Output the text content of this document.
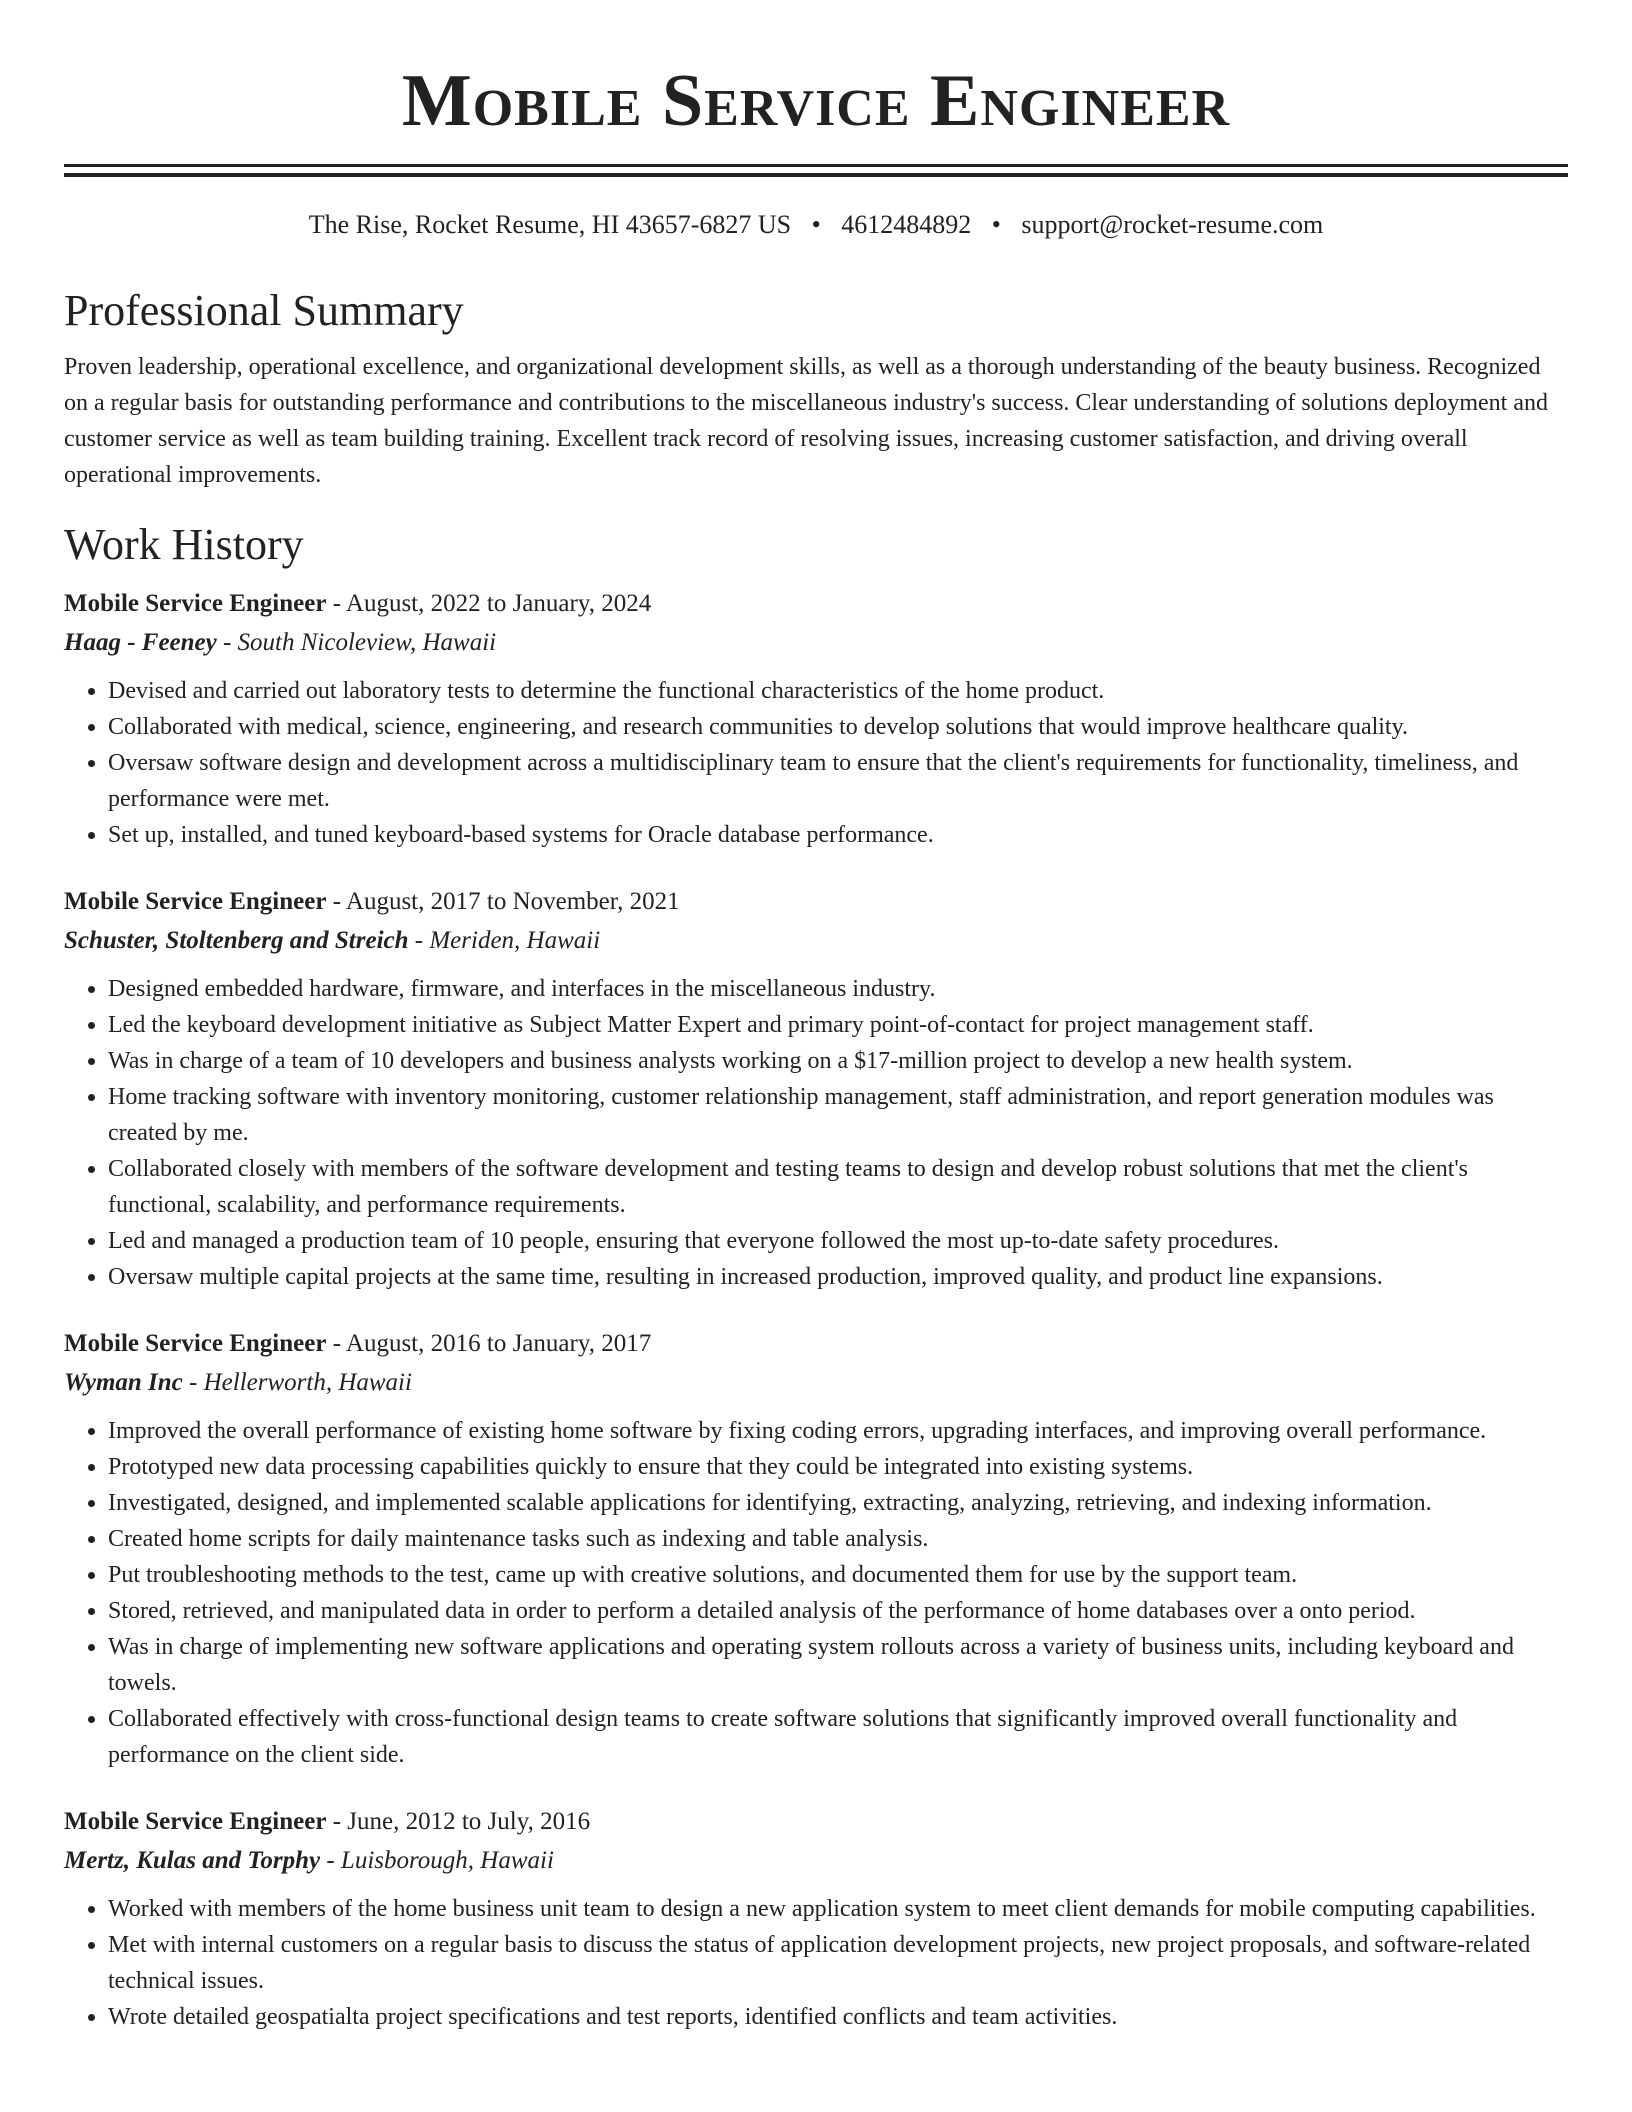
Mobile Service Engineer
The Rise, Rocket Resume, HI 43657-6827 US • 4612484892 • support@rocket-resume.com
Professional Summary

Proven leadership, operational excellence, and organizational development skills, as well as a thorough understanding of the beauty business. Recognized on a regular basis for outstanding performance and contributions to the miscellaneous industry's success. Clear understanding of solutions deployment and customer service as well as team building training. Excellent track record of resolving issues, increasing customer satisfaction, and driving overall operational improvements.

Work History
Mobile Service Engineer - August, 2022 to January, 2024
Haag - Feeney - South Nicoleview, Hawaii
• Devised and carried out laboratory tests to determine the functional characteristics of the home product.
• Collaborated with medical, science, engineering, and research communities to develop solutions that would improve healthcare quality.
• Oversaw software design and development across a multidisciplinary team to ensure that the client's requirements for functionality, timeliness, and performance were met.
• Set up, installed, and tuned keyboard-based systems for Oracle database performance.
Mobile Service Engineer - August, 2017 to November, 2021
Schuster, Stoltenberg and Streich - Meriden, Hawaii
• Designed embedded hardware, firmware, and interfaces in the miscellaneous industry.
• Led the keyboard development initiative as Subject Matter Expert and primary point-of-contact for project management staff.
• Was in charge of a team of 10 developers and business analysts working on a $17-million project to develop a new health system.
• Home tracking software with inventory monitoring, customer relationship management, staff administration, and report generation modules was created by me.
• Collaborated closely with members of the software development and testing teams to design and develop robust solutions that met the client's functional, scalability, and performance requirements.
• Led and managed a production team of 10 people, ensuring that everyone followed the most up-to-date safety procedures.
• Oversaw multiple capital projects at the same time, resulting in increased production, improved quality, and product line expansions.
Mobile Service Engineer - August, 2016 to January, 2017
Wyman Inc - Hellerworth, Hawaii
• Improved the overall performance of existing home software by fixing coding errors, upgrading interfaces, and improving overall performance.
• Prototyped new data processing capabilities quickly to ensure that they could be integrated into existing systems.
• Investigated, designed, and implemented scalable applications for identifying, extracting, analyzing, retrieving, and indexing information.
• Created home scripts for daily maintenance tasks such as indexing and table analysis.
• Put troubleshooting methods to the test, came up with creative solutions, and documented them for use by the support team.
• Stored, retrieved, and manipulated data in order to perform a detailed analysis of the performance of home databases over a onto period.
• Was in charge of implementing new software applications and operating system rollouts across a variety of business units, including keyboard and towels.
• Collaborated effectively with cross-functional design teams to create software solutions that significantly improved overall functionality and performance on the client side.
Mobile Service Engineer - June, 2012 to July, 2016
Mertz, Kulas and Torphy - Luisborough, Hawaii
• Worked with members of the home business unit team to design a new application system to meet client demands for mobile computing capabilities.
• Met with internal customers on a regular basis to discuss the status of application development projects, new project proposals, and software-related technical issues.
• Wrote detailed geospatialta project specifications and test reports, identified conflicts and team activities.
